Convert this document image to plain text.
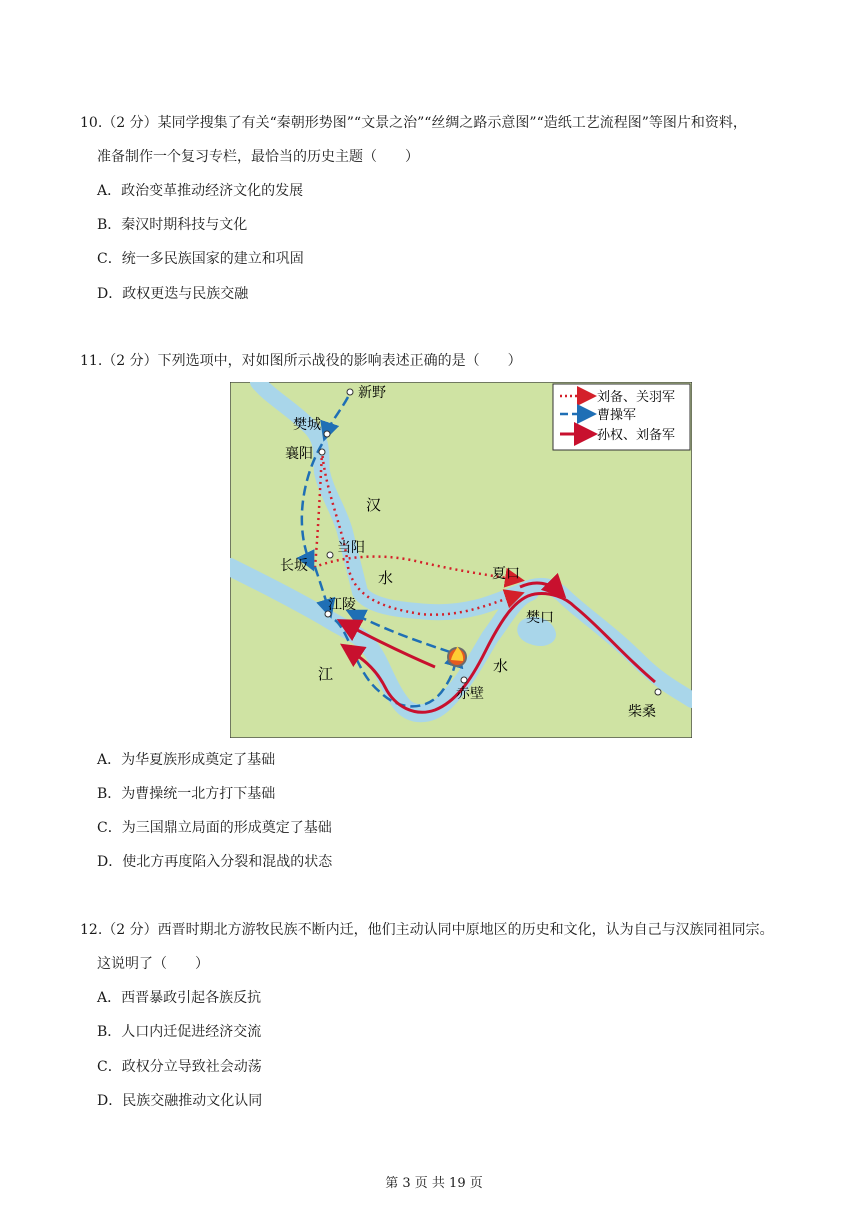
10.（2 分）某同学搜集了有关“秦朝形势图”“文景之治”“丝绸之路示意图”“造纸工艺流程图”等图片和资料，
准备制作一个复习专栏，最恰当的历史主题（　　）
A．政治变革推动经济文化的发展
B．秦汉时期科技与文化
C．统一多民族国家的建立和巩固
D．政权更迭与民族交融
11.（2 分）下列选项中，对如图所示战役的影响表述正确的是（　　）
新野
樊城
襄阳
当阳
长坂
江陵
夏口
樊口
赤壁
柴桑
汉
水
江	水
刘备、关羽军
曹操军
孙权、刘备军
A．为华夏族形成奠定了基础
B．为曹操统一北方打下基础
C．为三国鼎立局面的形成奠定了基础
D．使北方再度陷入分裂和混战的状态
12.（2 分）西晋时期北方游牧民族不断内迁，他们主动认同中原地区的历史和文化，认为自己与汉族同祖同宗。
这说明了（　　）
A．西晋暴政引起各族反抗
B．人口内迁促进经济交流
C．政权分立导致社会动荡
D．民族交融推动文化认同
第 3 页 共 19 页
